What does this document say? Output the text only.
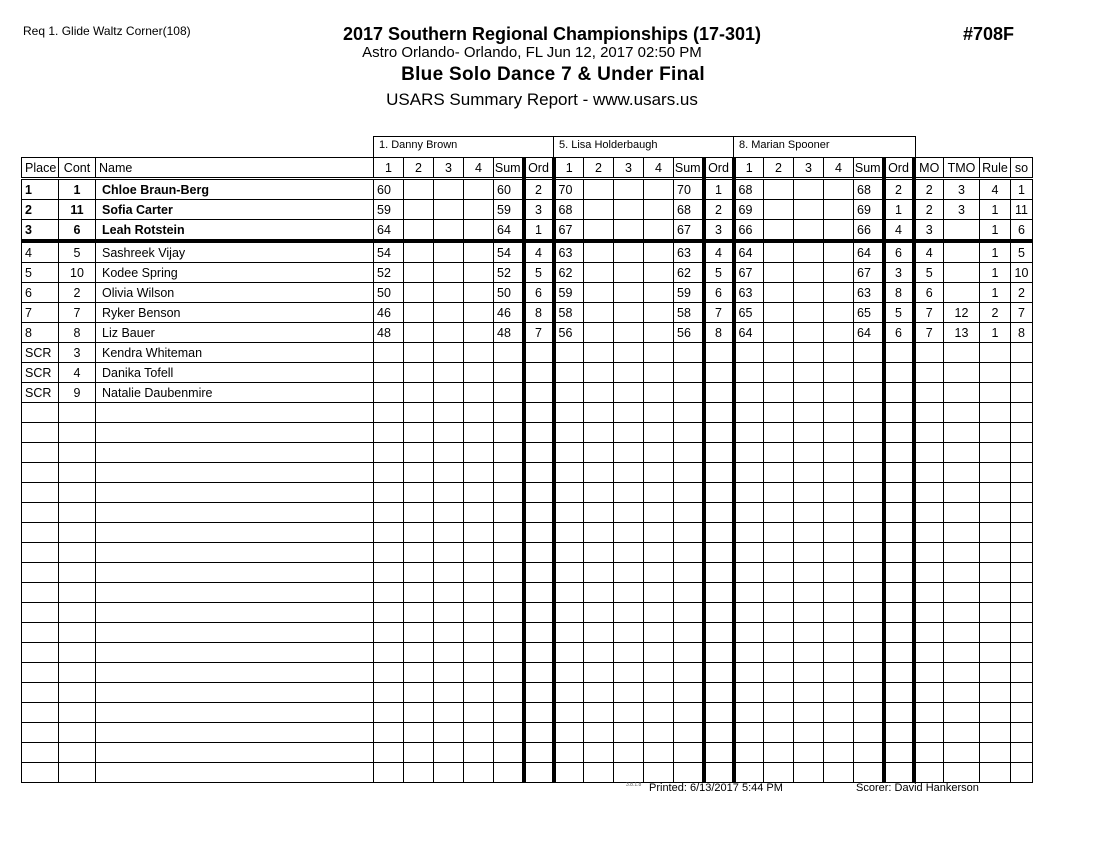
Req 1. Glide Waltz Corner(108)	2017 Southern Regional Championships (17-301)
Astro Orlando- Orlando, FL Jun 12, 2017 02:50 PM
Blue Solo Dance 7 & Under Final
USARS Summary Report - www.usars.us
#708F
1. Danny Brown	5. Lisa Holderbaugh	8. Marian Spooner
Place	Cont	Name	1	2	3	4	Sum	Ord	1	2	3	4	Sum	Ord	1	2	3	4	Sum	Ord	MO	TMO	Rule	so
1	1	Chloe Braun-Berg	60				60	2	70				70	1	68				68	2	2	3	4	1
2	11	Sofia Carter	59				59	3	68				68	2	69				69	1	2	3	1	11
3	6	Leah Rotstein	64				64	1	67				67	3	66				66	4	3		1	6
4	5	Sashreek Vijay	54				54	4	63				63	4	64				64	6	4		1	5
5	10	Kodee Spring	52				52	5	62				62	5	67				67	3	5		1	10
6	2	Olivia Wilson	50				50	6	59				59	6	63				63	8	6		1	2
7	7	Ryker Benson	46				46	8	58				58	7	65				65	5	7	12	2	7
8	8	Liz Bauer	48				48	7	56				56	8	64				64	6	7	13	1	8
SCR	3	Kendra Whiteman																						
SCR	4	Danika Tofell																						
SCR	9	Natalie Daubenmire																						

3.8.1.8 Printed: 6/13/2017 5:44 PM	Scorer: David Hankerson
